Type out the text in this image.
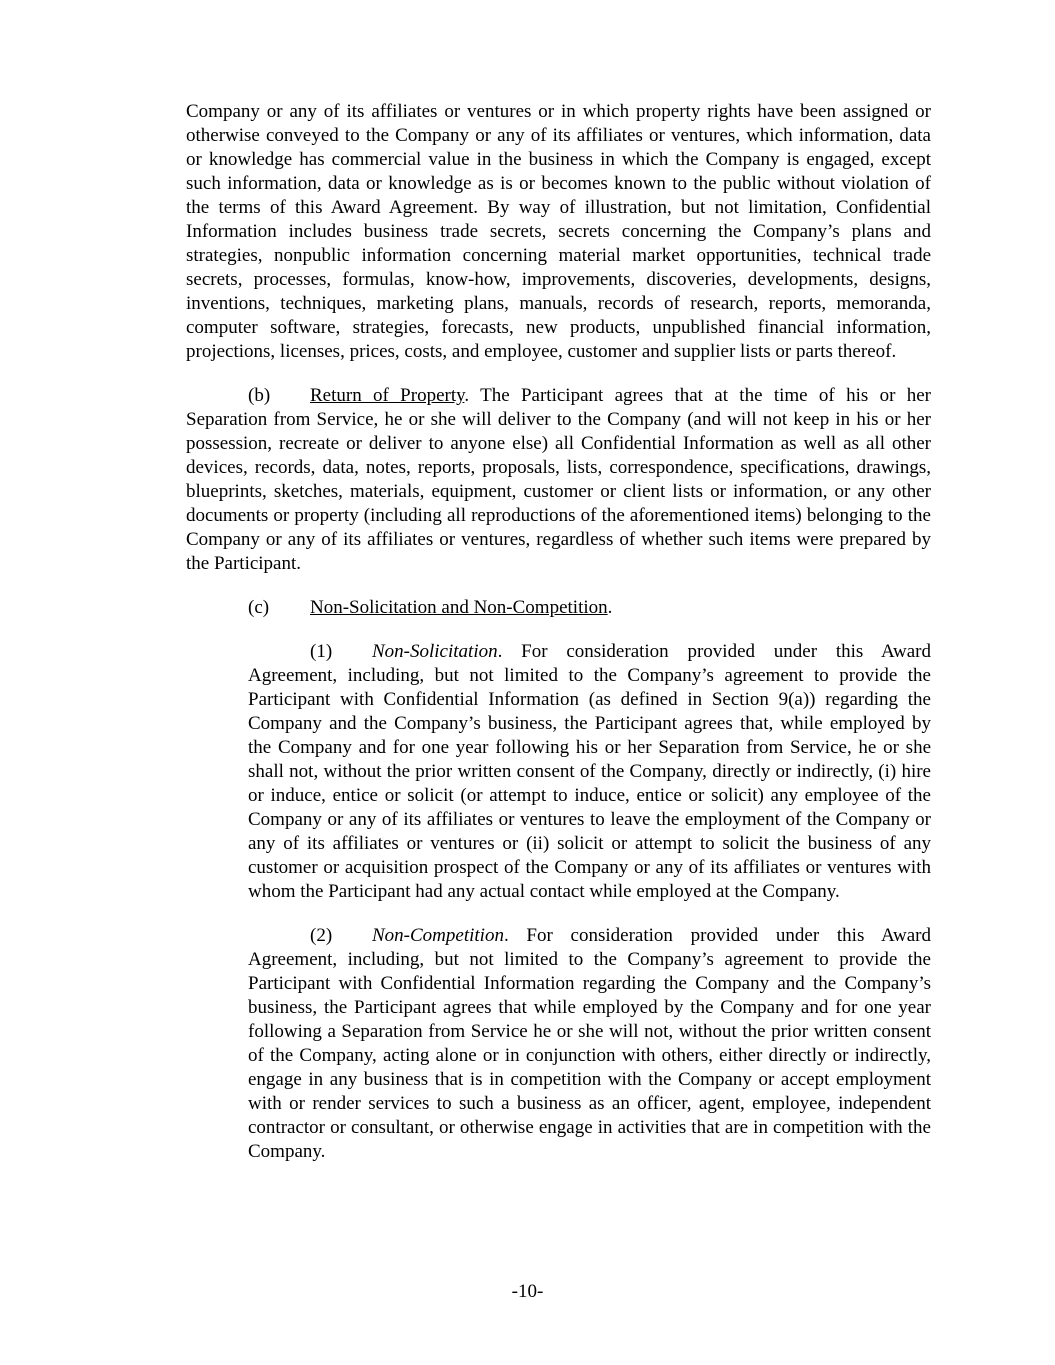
Company or any of its affiliates or ventures or in which property rights have been assigned or otherwise conveyed to the Company or any of its affiliates or ventures, which information, data or knowledge has commercial value in the business in which the Company is engaged, except such information, data or knowledge as is or becomes known to the public without violation of the terms of this Award Agreement. By way of illustration, but not limitation, Confidential Information includes business trade secrets, secrets concerning the Company’s plans and strategies, nonpublic information concerning material market opportunities, technical trade secrets, processes, formulas, know-how, improvements, discoveries, developments, designs, inventions, techniques, marketing plans, manuals, records of research, reports, memoranda, computer software, strategies, forecasts, new products, unpublished financial information, projections, licenses, prices, costs, and employee, customer and supplier lists or parts thereof.

(b) Return of Property. The Participant agrees that at the time of his or her Separation from Service, he or she will deliver to the Company (and will not keep in his or her possession, recreate or deliver to anyone else) all Confidential Information as well as all other devices, records, data, notes, reports, proposals, lists, correspondence, specifications, drawings, blueprints, sketches, materials, equipment, customer or client lists or information, or any other documents or property (including all reproductions of the aforementioned items) belonging to the Company or any of its affiliates or ventures, regardless of whether such items were prepared by the Participant.

(c) Non-Solicitation and Non-Competition.

(1) Non-Solicitation. For consideration provided under this Award Agreement, including, but not limited to the Company’s agreement to provide the Participant with Confidential Information (as defined in Section 9(a)) regarding the Company and the Company’s business, the Participant agrees that, while employed by the Company and for one year following his or her Separation from Service, he or she shall not, without the prior written consent of the Company, directly or indirectly, (i) hire or induce, entice or solicit (or attempt to induce, entice or solicit) any employee of the Company or any of its affiliates or ventures to leave the employment of the Company or any of its affiliates or ventures or (ii) solicit or attempt to solicit the business of any customer or acquisition prospect of the Company or any of its affiliates or ventures with whom the Participant had any actual contact while employed at the Company.

(2) Non-Competition. For consideration provided under this Award Agreement, including, but not limited to the Company’s agreement to provide the Participant with Confidential Information regarding the Company and the Company’s business, the Participant agrees that while employed by the Company and for one year following a Separation from Service he or she will not, without the prior written consent of the Company, acting alone or in conjunction with others, either directly or indirectly, engage in any business that is in competition with the Company or accept employment with or render services to such a business as an officer, agent, employee, independent contractor or consultant, or otherwise engage in activities that are in competition with the Company.

-10-
